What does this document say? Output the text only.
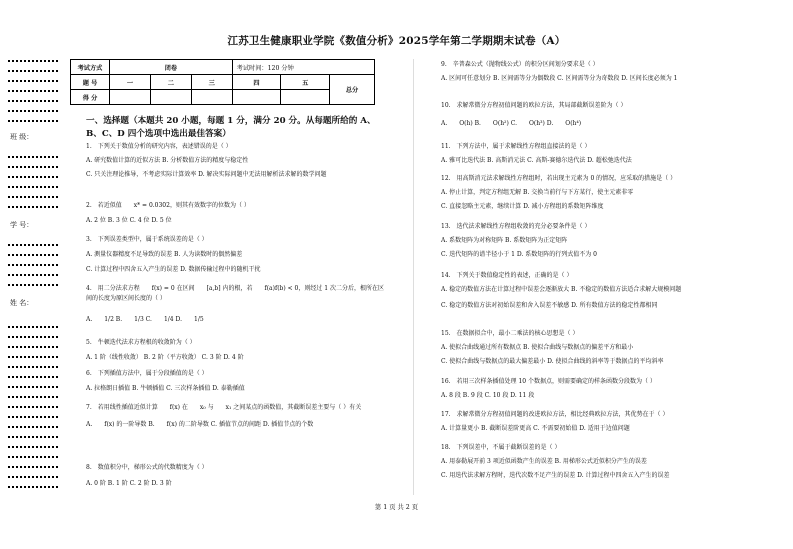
江苏卫生健康职业学院《数值分析》2025学年第二学期期末试卷（A）
班 级：
学 号：
姓 名：
考试方式	闭卷			考试时间：120 分钟		
题 号	一	二	三	四	五	总分
得 分						
一、选择题（本题共 20 小题，每题 1 分，满分 20 分。从每题所给的 A、B、C、D 四个选项中选出最佳答案）
1.　下列关于数值分析的研究内容，表述错误的是（ ）
A. 研究数值计算的近似方法 B. 分析数值方法的精度与稳定性
C. 只关注理论推导，不考虑实际计算效率 D. 解决实际问题中无法用解析法求解的数学问题
2.　若近似值　　x* = 0.0302，则其有效数字的位数为（ ）
A. 2 位 B. 3 位 C. 4 位 D. 5 位
3.　下列误差类型中，属于系统误差的是（ ）
A. 测量仪器精度不足导致的误差 B. 人为读数时的偶然偏差
C. 计算过程中四舍五入产生的误差 D. 数据传输过程中的随机干扰
4.　用二分法求方程　　f(x) = 0 在区间　　[a,b] 内的根，若　　f(a)f(b) < 0，则经过 1 次二分后，根所在区间的长度为原区间长度的（ ）
A.　　1/2 B.　　1/3 C.　　1/4 D.　　1/5
5.　牛顿迭代法求方程根的收敛阶为（ ）
A. 1 阶（线性收敛） B. 2 阶（平方收敛） C. 3 阶 D. 4 阶
6.　下列插值方法中，属于分段插值的是（ ）
A. 拉格朗日插值 B. 牛顿插值 C. 三次样条插值 D. 泰勒插值
7.　若用线性插值近似计算　　f(x) 在　　x₀ 与　　x₁ 之间某点的函数值，其截断误差主要与（ ）有关
A.　　f(x) 的一阶导数 B.　　f(x) 的二阶导数 C. 插值节点的间距 D. 插值节点的个数
8.　数值积分中，梯形公式的代数精度为（ ）
A. 0 阶 B. 1 阶 C. 2 阶 D. 3 阶
9.　辛普森公式（抛物线公式）的积分区间划分要求是（ ）
A. 区间可任意划分 B. 区间需等分为偶数段 C. 区间需等分为奇数段 D. 区间长度必须为 1
10.　求解常微分方程初值问题的欧拉方法，其局部截断误差阶为（ ）
A.　　O(h) B.　　O(h²) C.　　O(h³) D.　　O(h⁴)
11.　下列方法中，属于求解线性方程组直接法的是（ ）
A. 雅可比迭代法 B. 高斯消元法 C. 高斯-赛德尔迭代法 D. 超松弛迭代法
12.　用高斯消元法求解线性方程组时，若出现主元素为 0 的情况，应采取的措施是（ ）
A. 停止计算，判定方程组无解 B. 交换当前行与下方某行，使主元素非零
C. 直接忽略主元素，继续计算 D. 减小方程组的系数矩阵维度
13.　迭代法求解线性方程组收敛的充分必要条件是（ ）
A. 系数矩阵为对称矩阵 B. 系数矩阵为正定矩阵
C. 迭代矩阵的谱半径小于 1 D. 系数矩阵的行列式值不为 0
14.　下列关于数值稳定性的表述，正确的是（ ）
A. 稳定的数值方法在计算过程中误差会逐渐放大 B. 不稳定的数值方法适合求解大规模问题
C. 稳定的数值方法对初始误差和舍入误差不敏感 D. 所有数值方法的稳定性都相同
15.　在数据拟合中，最小二乘法的核心思想是（ ）
A. 使拟合曲线通过所有数据点 B. 使拟合曲线与数据点的偏差平方和最小
C. 使拟合曲线与数据点的最大偏差最小 D. 使拟合曲线的斜率等于数据点的平均斜率
16.　若用三次样条插值处理 10 个数据点，则需要确定的样条函数分段数为（ ）
A. 8 段 B. 9 段 C. 10 段 D. 11 段
17.　求解常微分方程初值问题的改进欧拉方法，相比经典欧拉方法，其优势在于（ ）
A. 计算量更小 B. 截断误差阶更高 C. 不需要初始值 D. 适用于边值问题
18.　下列误差中，不属于截断误差的是（ ）
A. 用泰勒展开前 3 项近似函数产生的误差 B. 用梯形公式近似积分产生的误差
C. 用迭代法求解方程时，迭代次数不足产生的误差 D. 计算过程中四舍五入产生的误差
第 1 页 共 2 页
